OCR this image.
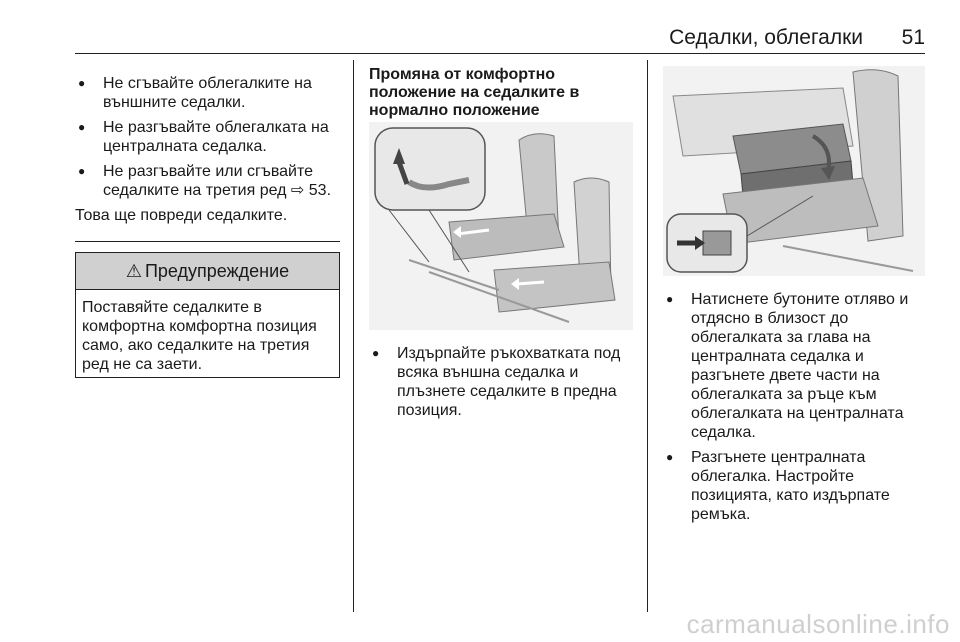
Седалки, облегалки 51
● Не сгъвайте облегалките на външните седалки.
● Не разгъвайте облегалката на централната седалка.
● Не разгъвайте или сгъвайте седалките на третия ред ⇨ 53.

Това ще повреди седалките.

⚠ Предупреждение
Поставяйте седалките в комфортна комфортна позиция само, ако седалките на третия ред не са заети.
Промяна от комфортно положение на седалките в нормално положение
● Издърпайте ръкохватката под всяка външна седалка и плъзнете седалките в предна позиция.
● Натиснете бутоните отляво и отдясно в близост до облегалката за глава на централната седалка и разгънете двете части на облегалката за ръце към облегалката на централната седалка.
● Разгънете централната облегалка. Настройте позицията, като издърпате ремъка.
carmanualsonline.info
